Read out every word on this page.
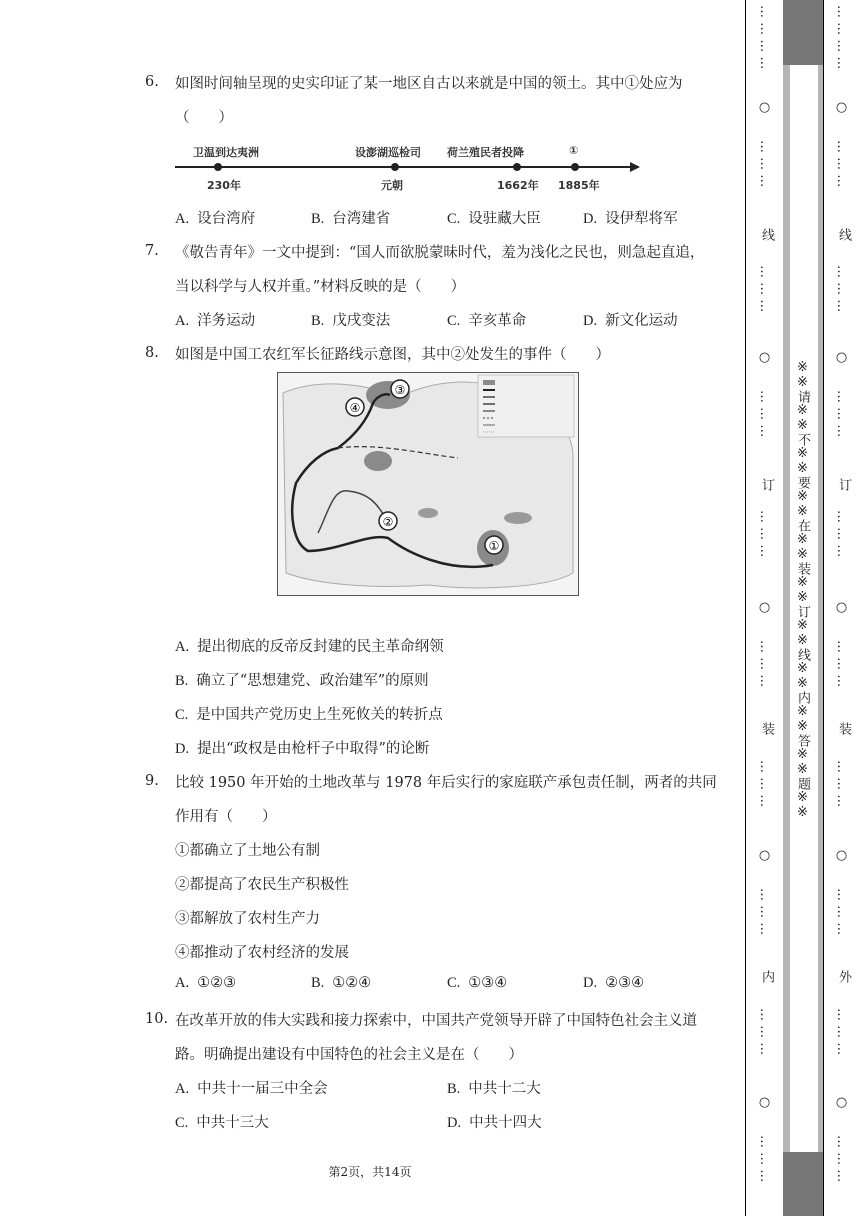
6.	如图时间轴呈现的史实印证了某一地区自古以来就是中国的领土。其中①处应为
（　　）
卫温到达夷洲	设澎湖巡检司 荷兰殖民者投降	①
230年	元朝	1662年 1885年
A. 设台湾府	B. 台湾建省	C. 设驻藏大臣	D. 设伊犁将军
7.	《敬告青年》一文中提到：“国人而欲脱蒙昧时代，羞为浅化之民也，则急起直追，
当以科学与人权并重。”材料反映的是（　　）
A. 洋务运动	B. 戊戌变法	C. 辛亥革命	D. 新文化运动
8.	如图是中国工农红军长征路线示意图，其中②处发生的事件（　　）
①
②
③
④
A. 提出彻底的反帝反封建的民主革命纲领
B. 确立了“思想建党、政治建军”的原则
C. 是中国共产党历史上生死攸关的转折点
D. 提出“政权是由枪杆子中取得”的论断
9.	比较 1950 年开始的土地改革与 1978 年后实行的家庭联产承包责任制，两者的共同
作用有（　　）
①都确立了土地公有制
②都提高了农民生产积极性
③都解放了农村生产力
④都推动了农村经济的发展
A. ①②③	B. ①②④	C. ①③④	D. ②③④
10. 在改革开放的伟大实践和接力探索中，中国共产党领导开辟了中国特色社会主义道
路。明确提出建设有中国特色的社会主义是在（　　）
A. 中共十一届三中全会	B. 中共十二大
C. 中共十三大	D. 中共十四大
第2页，共14页
… … … …
○
… … …
线
… … …
○
… … …
订
… … …
○
… … …
装
… … …
○
… … …
内
… … …
○
… … …
※※请※※不※※要※※在※※装※※订※※线※※内※※答※※题※※
… … … …
○
… … …
线
… … …
○
… … …
订
… … …
○
… … …
装
… … …
○
… … …
外
… … …
○
… … …
